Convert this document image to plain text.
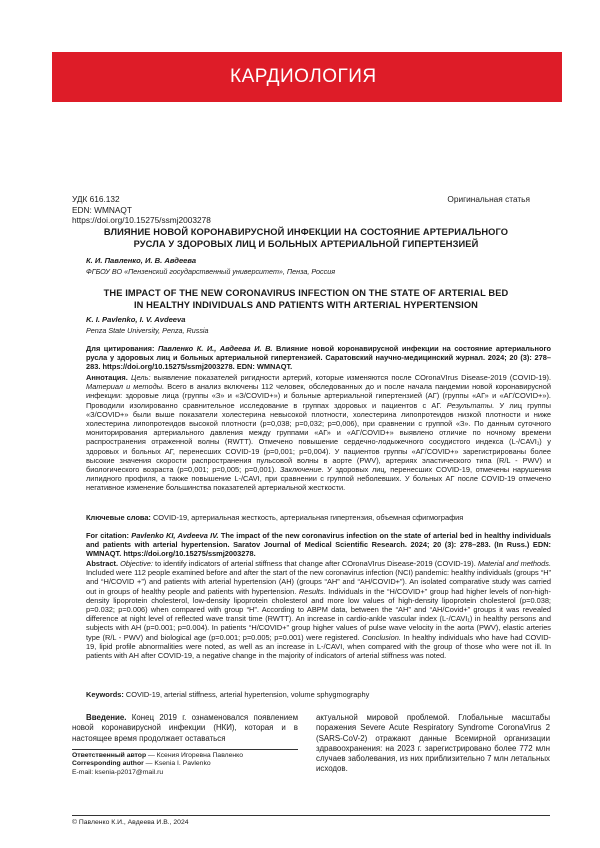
КАРДИОЛОГИЯ
УДК 616.132
EDN: WMNAQT
https://doi.org/10.15275/ssmj2003278
Оригинальная статья
ВЛИЯНИЕ НОВОЙ КОРОНАВИРУСНОЙ ИНФЕКЦИИ НА СОСТОЯНИЕ АРТЕРИАЛЬНОГО
РУСЛА У ЗДОРОВЫХ ЛИЦ И БОЛЬНЫХ АРТЕРИАЛЬНОЙ ГИПЕРТЕНЗИЕЙ
К. И. Павленко, И. В. Авдеева
ФГБОУ ВО «Пензенский государственный университет», Пенза, Россия
THE IMPACT OF THE NEW CORONAVIRUS INFECTION ON THE STATE OF ARTERIAL BED
IN HEALTHY INDIVIDUALS AND PATIENTS WITH ARTERIAL HYPERTENSION
K. I. Pavlenko, I. V. Avdeeva
Penza State University, Penza, Russia

Для цитирования: Павленко К. И., Авдеева И. В. Влияние новой коронавирусной инфекции на состояние артериального русла у здоровых лиц и больных артериальной гипертензией. Саратовский научно-медицинский журнал. 2024; 20 (3): 278–283. https://doi.org/10.15275/ssmj2003278. EDN: WMNAQT.

Аннотация. Цель: выявление показателей ригидности артерий, которые изменяются после COronaVIrus Disease-2019 (COVID-19). Материал и методы. Всего в анализ включены 112 человек, обследованных до и после начала пандемии новой коронавирусной инфекции: здоровые лица (группы «З» и «З/COVID+») и больные артериальной гипертензией (АГ) (группы «АГ» и «АГ/COVID+»). Проводили изолированно сравнительное исследование в группах здоровых и пациентов с АГ. Результаты. У лиц группы «З/COVID+» были выше показатели холестерина невысокой плотности, холестерина липопротеидов низкой плотности и ниже холестерина липопротеидов высокой плотности (p=0,038; p=0,032; p=0,006), при сравнении с группой «З». По данным суточного мониторирования артериального давления между группами «АГ» и «АГ/COVID+» выявлено отличие по ночному времени распространения отраженной волны (RWTT). Отмечено повышение сердечно-лодыжечного сосудистого индекса (L-/CAVI₁) у здоровых и больных АГ, перенесших COVID-19 (p=0,001; p=0,004). У пациентов группы «АГ/COVID+» зарегистрированы более высокие значения скорости распространения пульсовой волны в аорте (PWV), артериях эластического типа (R/L - PWV) и биологического возраста (p=0,001; p=0,005; p=0,001). Заключение. У здоровых лиц, перенесших COVID-19, отмечены нарушения липидного профиля, а также повышение L-/CAVI, при сравнении с группой неболевших. У больных АГ после COVID-19 отмечено негативное изменение большинства показателей артериальной жесткости.

Ключевые слова: COVID-19, артериальная жесткость, артериальная гипертензия, объемная сфигмография

For citation: Pavlenko KI, Avdeeva IV. The impact of the new coronavirus infection on the state of arterial bed in healthy individuals and patients with arterial hypertension. Saratov Journal of Medical Scientific Research. 2024; 20 (3): 278–283. (In Russ.) EDN: WMNAQT. https://doi.org/10.15275/ssmj2003278.

Abstract. Objective: to identify indicators of arterial stiffness that change after COronaVIrus Disease-2019 (COVID-19). Material and methods. Included were 112 people examined before and after the start of the new coronavirus infection (NCI) pandemic: healthy individuals (groups “H” and “H/COVID +”) and patients with arterial hypertension (AH) (groups “AH” and “AH/COVID+”). An isolated comparative study was carried out in groups of healthy people and patients with hypertension. Results. Individuals in the “H/COVID+” group had higher levels of non-high-density lipoprotein cholesterol, low-density lipoprotein cholesterol and more low values of high-density lipoprotein cholesterol (p=0.038; p=0.032; p=0.006) when compared with group “H”. According to ABPM data, between the “AH” and “AH/Covid+” groups it was revealed difference at night level of reflected wave transit time (RWTT). An increase in cardio-ankle vascular index (L-/CAVI₁) in healthy persons and subjects with AH (p=0.001; p=0.004). In patients “H/COVID+” group higher values of pulse wave velocity in the aorta (PWV), elastic arteries type (R/L - PWV) and biological age (p=0.001; p=0.005; p=0.001) were registered. Conclusion. In healthy individuals who have had COVID-19, lipid profile abnormalities were noted, as well as an increase in L-/CAVI, when compared with the group of those who were not ill. In patients with AH after COVID-19, a negative change in the majority of indicators of arterial stiffness was noted.

Keywords: COVID-19, arterial stiffness, arterial hypertension, volume sphygmography
Введение. Конец 2019 г. ознаменовался появлением новой коронавирусной инфекции (НКИ), которая и в настоящее время продолжает оставаться
актуальной мировой проблемой. Глобальные масштабы поражения Severe Acute Respiratory Syndrome CoronaVirus 2 (SARS-CoV-2) отражают данные Всемирной организации здравоохранения: на 2023 г. зарегистрировано более 772 млн случаев заболевания, из них приблизительно 7 млн летальных исходов.
Ответственный автор — Ксения Игоревна Павленко
Corresponding author — Ksenia I. Pavlenko
E-mail: ksenia-p2017@mail.ru
© Павленко К.И., Авдеева И.В., 2024
